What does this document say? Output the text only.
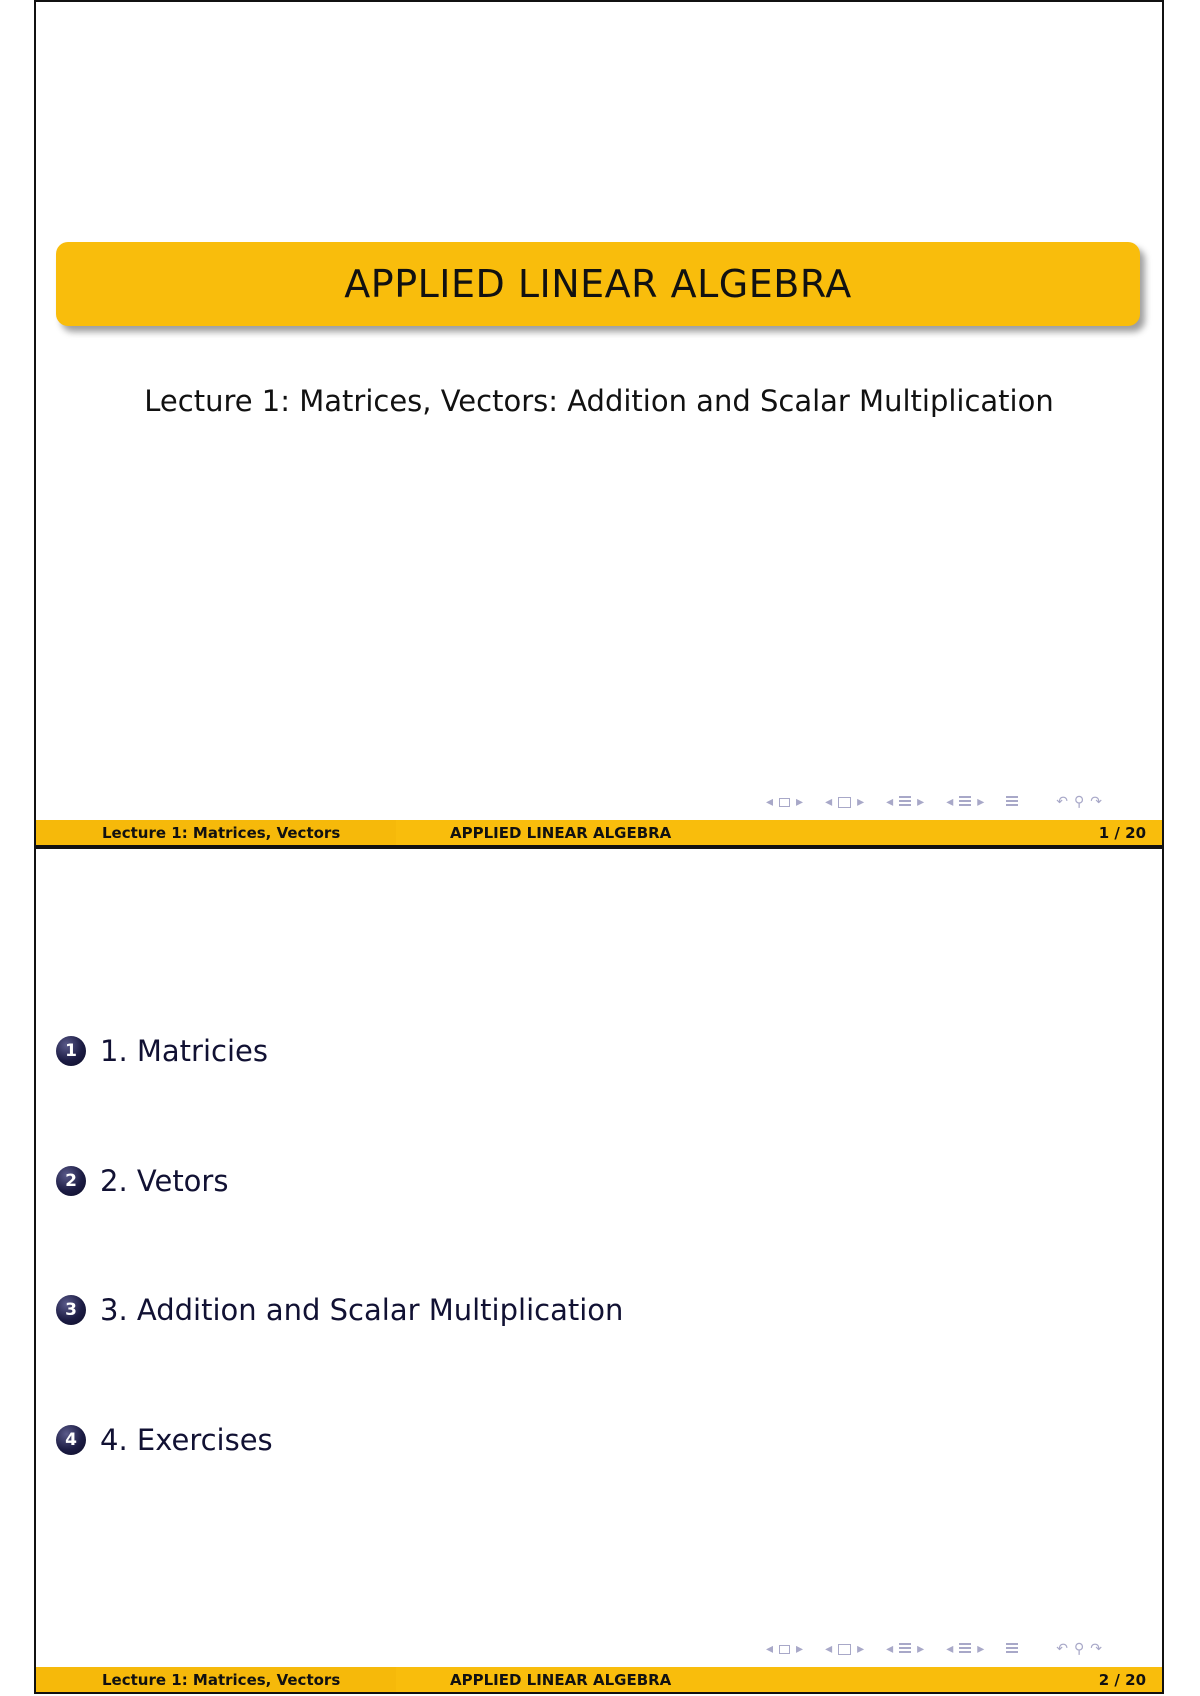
APPLIED LINEAR ALGEBRA
Lecture 1: Matrices, Vectors: Addition and Scalar Multiplication
◂ ▸ ◂ ▸ ◂ ▸ ◂ ▸	↶ ⚲ ↷
Lecture 1: Matrices, Vectors	APPLIED LINEAR ALGEBRA	1 / 20
1 1. Matricies
2 2. Vetors
3 3. Addition and Scalar Multiplication
4 4. Exercises
◂ ▸ ◂ ▸ ◂ ▸ ◂ ▸	↶ ⚲ ↷
Lecture 1: Matrices, Vectors	APPLIED LINEAR ALGEBRA	2 / 20
